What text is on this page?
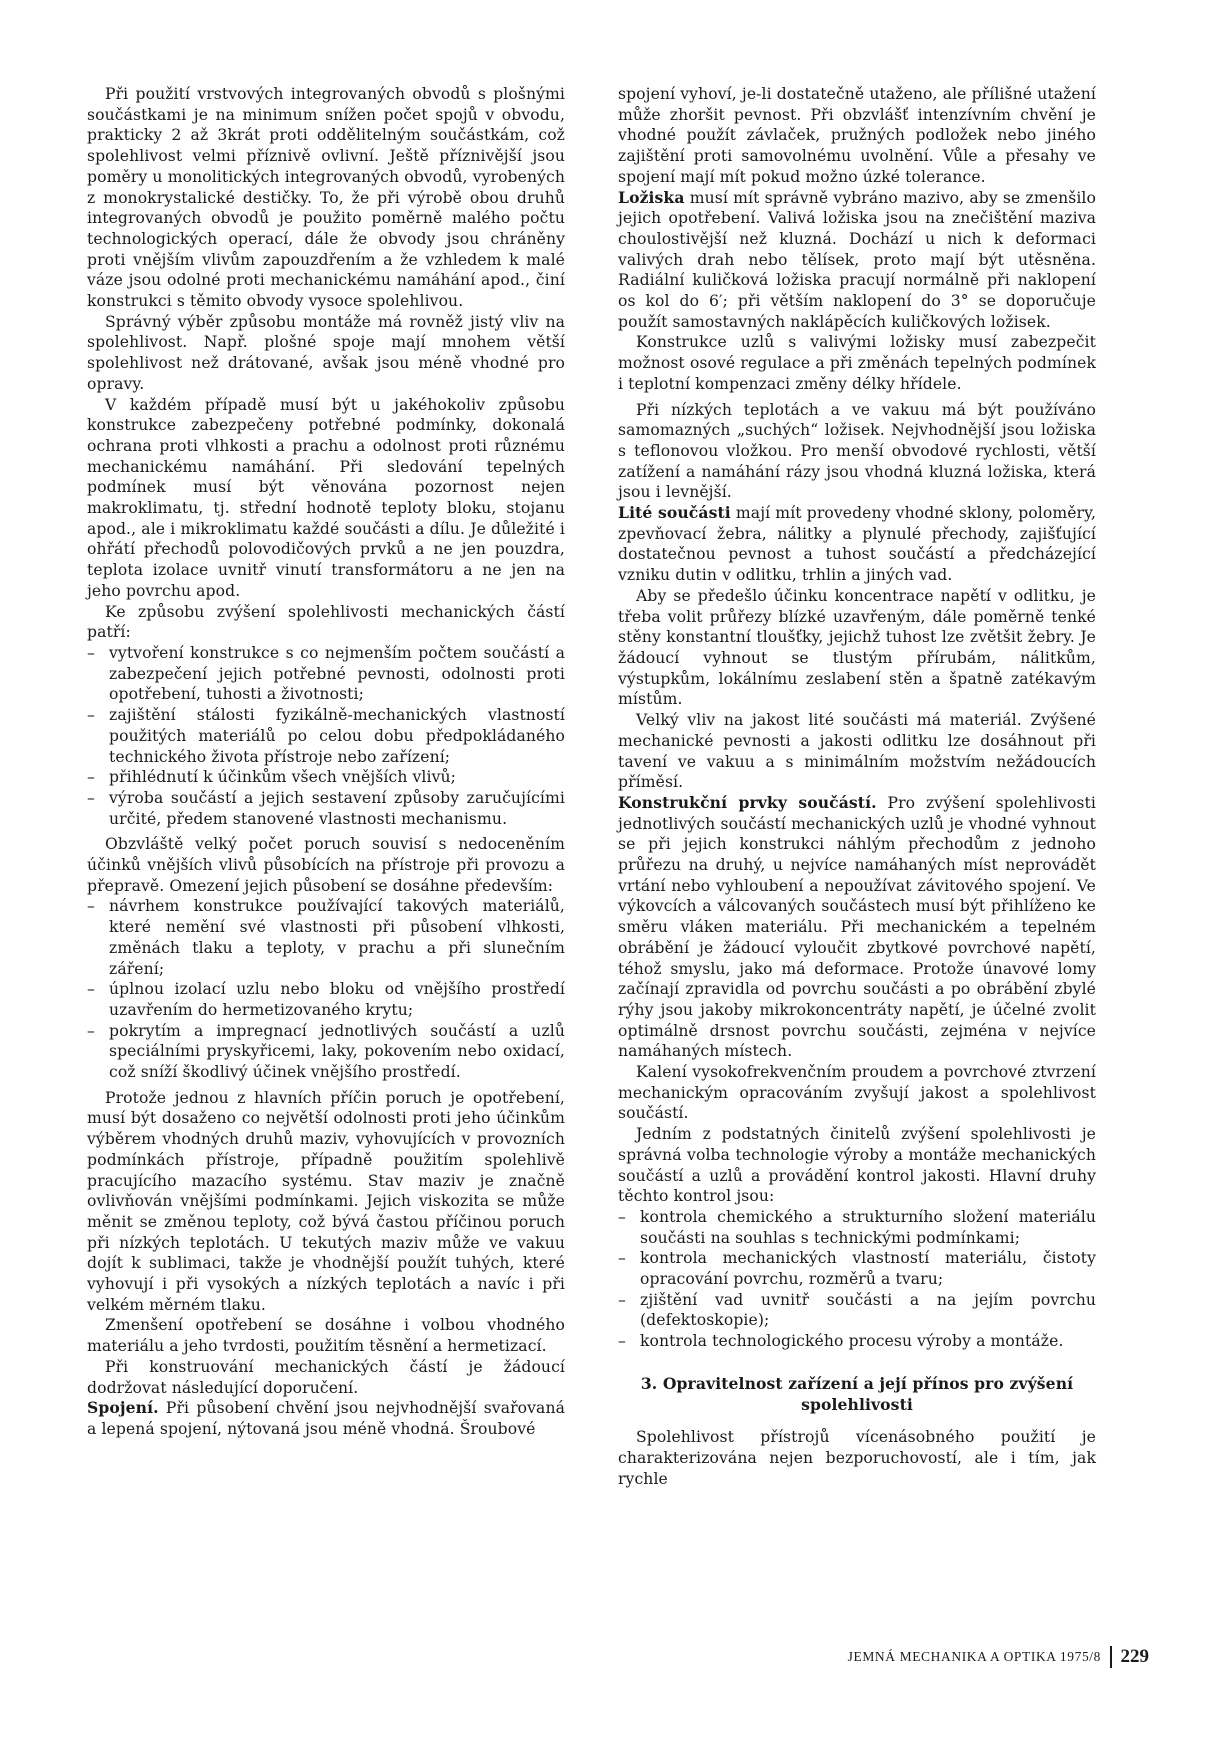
Při použití vrstvových integrovaných obvodů s plošnými součástkami je na minimum snížen počet spojů v obvodu, prakticky 2 až 3krát proti oddělitelným součástkám, což spolehlivost velmi příznivě ovlivní. Ještě příznivější jsou poměry u monolitických integrovaných obvodů, vyrobených z monokrystalické destičky. To, že při výrobě obou druhů integrovaných obvodů je použito poměrně malého počtu technologických operací, dále že obvody jsou chráněny proti vnějším vlivům zapouzdřením a že vzhledem k malé váze jsou odolné proti mechanickému namáhání apod., činí konstrukci s těmito obvody vysoce spolehlivou.

Správný výběr způsobu montáže má rovněž jistý vliv na spolehlivost. Např. plošné spoje mají mnohem větší spolehlivost než drátované, avšak jsou méně vhodné pro opravy.

V každém případě musí být u jakéhokoliv způsobu konstrukce zabezpečeny potřebné podmínky, dokonalá ochrana proti vlhkosti a prachu a odolnost proti různému mechanickému namáhání. Při sledování tepelných podmínek musí být věnována pozornost nejen makroklimatu, tj. střední hodnotě teploty bloku, stojanu apod., ale i mikroklimatu každé součásti a dílu. Je důležité i ohřátí přechodů polovodičových prvků a ne jen pouzdra, teplota izolace uvnitř vinutí transformátoru a ne jen na jeho povrchu apod.

Ke způsobu zvýšení spolehlivosti mechanických částí patří:

– vytvoření konstrukce s co nejmenším počtem součástí a zabezpečení jejich potřebné pevnosti, odolnosti proti opotřebení, tuhosti a životnosti;
– zajištění stálosti fyzikálně-mechanických vlastností použitých materiálů po celou dobu předpokládaného technického života přístroje nebo zařízení;
– přihlédnutí k účinkům všech vnějších vlivů;
– výroba součástí a jejich sestavení způsoby zaručujícími určité, předem stanovené vlastnosti mechanismu.

Obzvláště velký počet poruch souvisí s nedoceněním účinků vnějších vlivů působících na přístroje při provozu a přepravě. Omezení jejich působení se dosáhne především:

– návrhem konstrukce používající takových materiálů, které nemění své vlastnosti při působení vlhkosti, změnách tlaku a teploty, v prachu a při slunečním záření;
– úplnou izolací uzlu nebo bloku od vnějšího prostředí uzavřením do hermetizovaného krytu;
– pokrytím a impregnací jednotlivých součástí a uzlů speciálními pryskyřicemi, laky, pokovením nebo oxidací, což sníží škodlivý účinek vnějšího prostředí.

Protože jednou z hlavních příčin poruch je opotřebení, musí být dosaženo co největší odolnosti proti jeho účinkům výběrem vhodných druhů maziv, vyhovujících v provozních podmínkách přístroje, případně použitím spolehlivě pracujícího mazacího systému. Stav maziv je značně ovlivňován vnějšími podmínkami. Jejich viskozita se může měnit se změnou teploty, což bývá častou příčinou poruch při nízkých teplotách. U tekutých maziv může ve vakuu dojít k sublimaci, takže je vhodnější použít tuhých, které vyhovují i při vysokých a nízkých teplotách a navíc i při velkém měrném tlaku.

Zmenšení opotřebení se dosáhne i volbou vhodného materiálu a jeho tvrdosti, použitím těsnění a hermetizací.

Při konstruování mechanických částí je žádoucí dodržovat následující doporučení.

Spojení. Při působení chvění jsou nejvhodnější svařovaná a lepená spojení, nýtovaná jsou méně vhodná. Šroubové

spojení vyhoví, je-li dostatečně utaženo, ale přílišné utažení může zhoršit pevnost. Při obzvlášť intenzívním chvění je vhodné použít závlaček, pružných podložek nebo jiného zajištění proti samovolnému uvolnění. Vůle a přesahy ve spojení mají mít pokud možno úzké tolerance.

Ložiska musí mít správně vybráno mazivo, aby se zmenšilo jejich opotřebení. Valivá ložiska jsou na znečištění maziva choulostivější než kluzná. Dochází u nich k deformaci valivých drah nebo tělísek, proto mají být utěsněna. Radiální kuličková ložiska pracují normálně při naklopení os kol do 6′; při větším naklopení do 3° se doporučuje použít samostavných naklápěcích kuličkových ložisek.

Konstrukce uzlů s valivými ložisky musí zabezpečit možnost osové regulace a při změnách tepelných podmínek i teplotní kompenzaci změny délky hřídele.

Při nízkých teplotách a ve vakuu má být používáno samomazných „suchých“ ložisek. Nejvhodnější jsou ložiska s teflonovou vložkou. Pro menší obvodové rychlosti, větší zatížení a namáhání rázy jsou vhodná kluzná ložiska, která jsou i levnější.

Lité součásti mají mít provedeny vhodné sklony, poloměry, zpevňovací žebra, nálitky a plynulé přechody, zajišťující dostatečnou pevnost a tuhost součástí a předcházející vzniku dutin v odlitku, trhlin a jiných vad.

Aby se předešlo účinku koncentrace napětí v odlitku, je třeba volit průřezy blízké uzavřeným, dále poměrně tenké stěny konstantní tloušťky, jejichž tuhost lze zvětšit žebry. Je žádoucí vyhnout se tlustým přírubám, nálitkům, výstupkům, lokálnímu zeslabení stěn a špatně zatékavým místům.

Velký vliv na jakost lité součásti má materiál. Zvýšené mechanické pevnosti a jakosti odlitku lze dosáhnout při tavení ve vakuu a s minimálním možstvím nežádoucích příměsí.

Konstrukční prvky součástí. Pro zvýšení spolehlivosti jednotlivých součástí mechanických uzlů je vhodné vyhnout se při jejich konstrukci náhlým přechodům z jednoho průřezu na druhý, u nejvíce namáhaných míst neprovádět vrtání nebo vyhloubení a nepoužívat závitového spojení. Ve výkovcích a válcovaných součástech musí být přihlíženo ke směru vláken materiálu. Při mechanickém a tepelném obrábění je žádoucí vyloučit zbytkové povrchové napětí, téhož smyslu, jako má deformace. Protože únavové lomy začínají zpravidla od povrchu součásti a po obrábění zbylé rýhy jsou jakoby mikrokoncentráty napětí, je účelné zvolit optimálně drsnost povrchu součásti, zejména v nejvíce namáhaných místech.

Kalení vysokofrekvenčním proudem a povrchové ztvrzení mechanickým opracováním zvyšují jakost a spolehlivost součástí.

Jedním z podstatných činitelů zvýšení spolehlivosti je správná volba technologie výroby a montáže mechanických součástí a uzlů a provádění kontrol jakosti. Hlavní druhy těchto kontrol jsou:

– kontrola chemického a strukturního složení materiálu součásti na souhlas s technickými podmínkami;
– kontrola mechanických vlastností materiálu, čistoty opracování povrchu, rozměrů a tvaru;
– zjištění vad uvnitř součásti a na jejím povrchu (defektoskopie);
– kontrola technologického procesu výroby a montáže.
3. Opravitelnost zařízení a její přínos pro zvýšení spolehlivosti

Spolehlivost přístrojů vícenásobného použití je charakterizována nejen bezporuchovostí, ale i tím, jak rychle

JEMNÁ MECHANIKA A OPTIKA 1975/8 229
